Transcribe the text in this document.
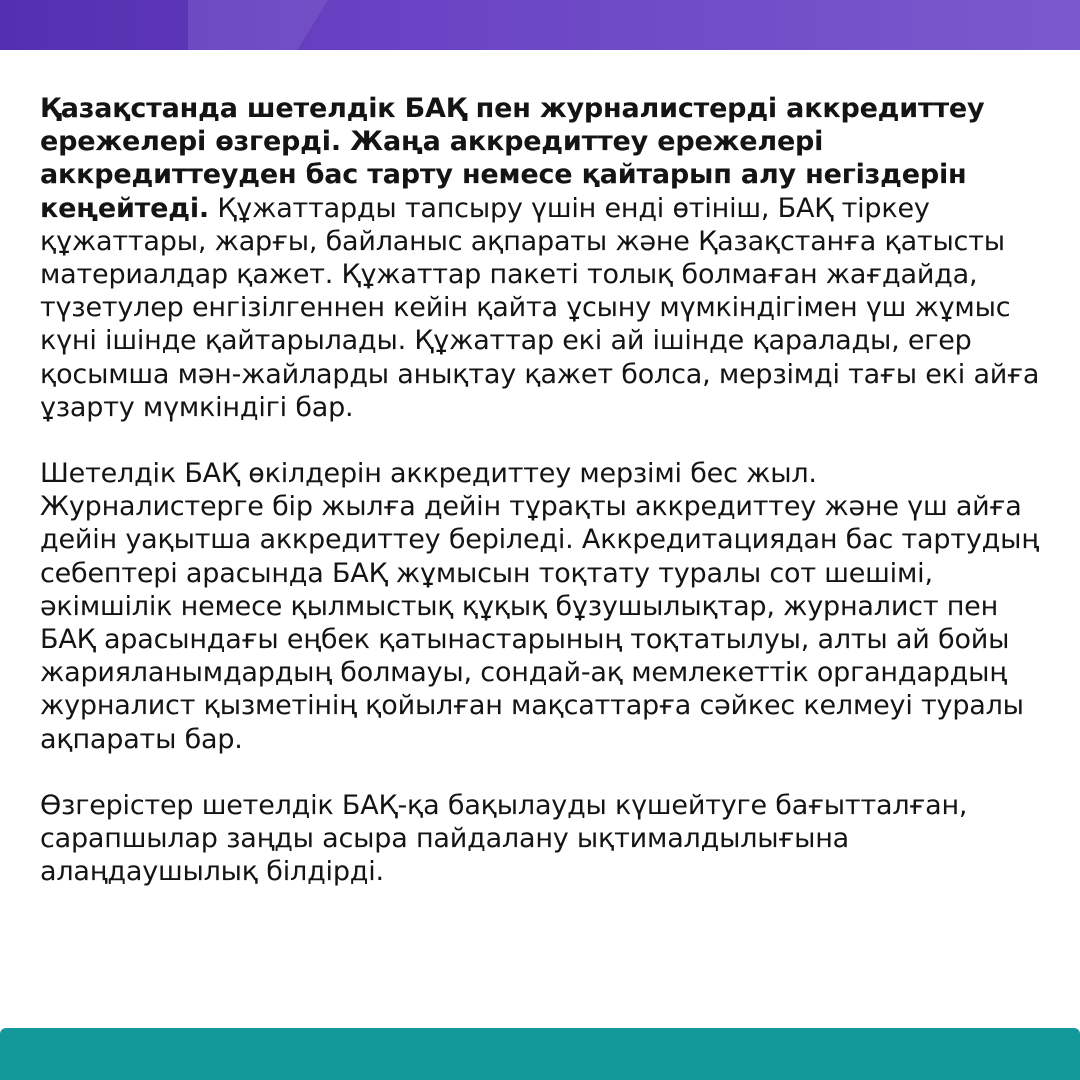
Қазақстанда шетелдік БАҚ пен журналистерді аккредиттеу ережелері өзгерді. Жаңа аккредиттеу ережелері аккредиттеуден бас тарту немесе қайтарып алу негіздерін кеңейтеді. Құжаттарды тапсыру үшін енді өтініш, БАҚ тіркеу құжаттары, жарғы, байланыс ақпараты және Қазақстанға қатысты материалдар қажет. Құжаттар пакеті толық болмаған жағдайда, түзетулер енгізілгеннен кейін қайта ұсыну мүмкіндігімен үш жұмыс күні ішінде қайтарылады. Құжаттар екі ай ішінде қаралады, егер қосымша мән-жайларды анықтау қажет болса, мерзімді тағы екі айға ұзарту мүмкіндігі бар.

Шетелдік БАҚ өкілдерін аккредиттеу мерзімі бес жыл. Журналистерге бір жылға дейін тұрақты аккредиттеу және үш айға дейін уақытша аккредиттеу беріледі. Аккредитациядан бас тартудың себептері арасында БАҚ жұмысын тоқтату туралы сот шешімі, әкімшілік немесе қылмыстық құқық бұзушылықтар, журналист пен БАҚ арасындағы еңбек қатынастарының тоқтатылуы, алты ай бойы жарияланымдардың болмауы, сондай-ақ мемлекеттік органдардың журналист қызметінің қойылған мақсаттарға сәйкес келмеуі туралы ақпараты бар.

Өзгерістер шетелдік БАҚ-қа бақылауды күшейтуге бағытталған, сарапшылар заңды асыра пайдалану ықтималдылығына алаңдаушылық білдірді.
